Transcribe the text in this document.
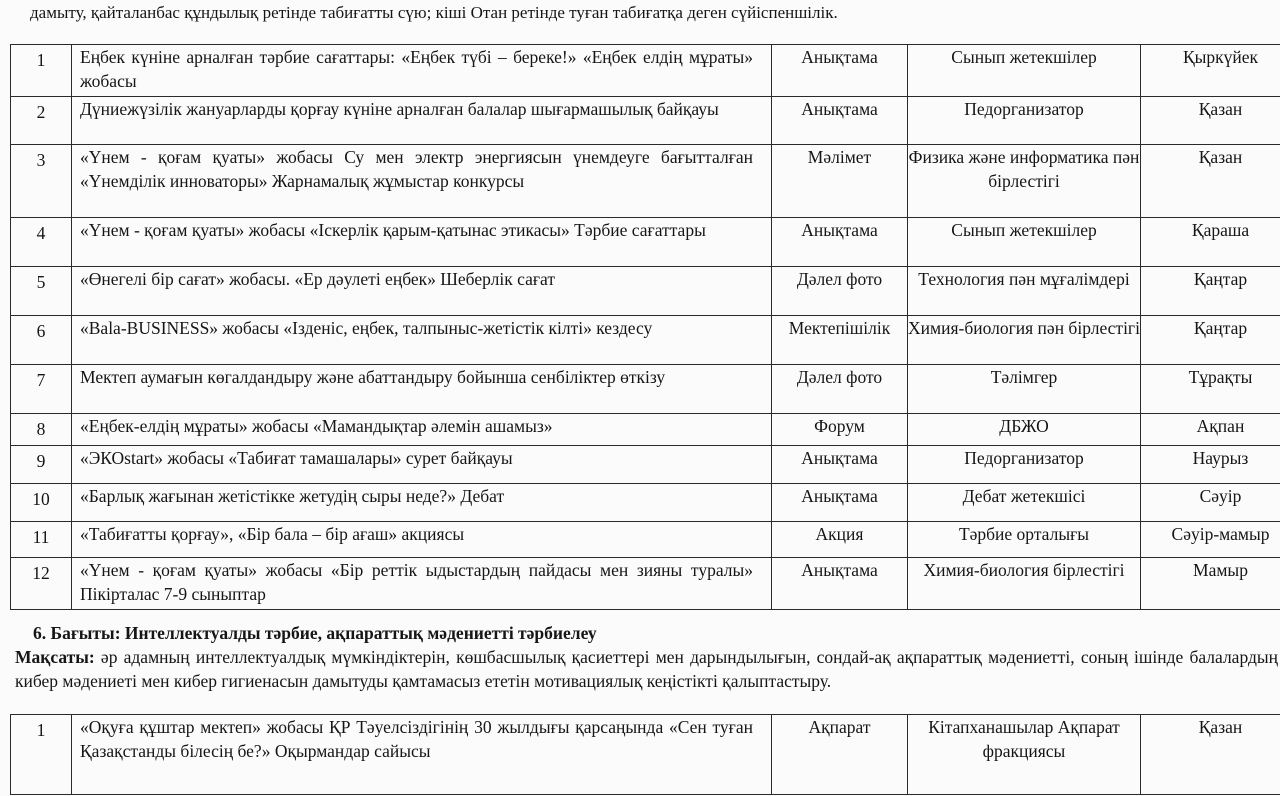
дамыту, қайталанбас құндылық ретінде табиғатты сүю; кіші Отан ретінде туған табиғатқа деген сүйіспеншілік.
1	Еңбек күніне арналған тәрбие сағаттары: «Еңбек түбі – береке!» «Еңбек елдің мұраты» жобасы	Анықтама	Сынып жетекшілер	Қыркүйек
2	Дүниежүзілік жануарларды қорғау күніне арналған балалар шығармашылық байқауы	Анықтама	Педорганизатор	Қазан
3	«Үнем - қоғам қуаты» жобасы Су мен электр энергиясын үнемдеуге бағытталған «Үнемділік инноваторы» Жарнамалық жұмыстар конкурсы	Мәлімет	Физика және информатика пән бірлестігі	Қазан
4	«Үнем - қоғам қуаты» жобасы «Іскерлік қарым-қатынас этикасы» Тәрбие сағаттары	Анықтама	Сынып жетекшілер	Қараша
5	«Өнегелі бір сағат» жобасы. «Ер дәулеті еңбек» Шеберлік сағат	Дәлел фото	Технология пән мұғалімдері	Қаңтар
6	«Bala-BUSINESS» жобасы «Ізденіс, еңбек, талпыныс-жетістік кілті» кездесу	Мектепішілік	Химия-биология пән бірлестігі	Қаңтар
7	Мектеп аумағын көгалдандыру және абаттандыру бойынша сенбіліктер өткізу	Дәлел фото	Тәлімгер	Тұрақты
8	«Еңбек-елдің мұраты» жобасы «Мамандықтар әлемін ашамыз»	Форум	ДБЖО	Ақпан
9	«ЭКОstart» жобасы «Табиғат тамашалары» сурет байқауы	Анықтама	Педорганизатор	Наурыз
10	«Барлық жағынан жетістікке жетудің сыры неде?» Дебат	Анықтама	Дебат жетекшісі	Сәуір
11	«Табиғатты қорғау», «Бір бала – бір ағаш» акциясы	Акция	Тәрбие орталығы	Сәуір-мамыр
12	«Үнем - қоғам қуаты» жобасы «Бір реттік ыдыстардың пайдасы мен зияны туралы» Пікірталас 7-9 сыныптар	Анықтама	Химия-биология бірлестігі	Мамыр
6. Бағыты: Интеллектуалды тәрбие, ақпараттық мәдениетті тәрбиелеу
Мақсаты: әр адамның интеллектуалдық мүмкіндіктерін, көшбасшылық қасиеттері мен дарындылығын, сондай-ақ ақпараттық мәдениетті, соның ішінде балалардың кибер мәдениеті мен кибер гигиенасын дамытуды қамтамасыз ететін мотивациялық кеңістікті қалыптастыру.
1	«Оқуға құштар мектеп» жобасы ҚР Тәуелсіздігінің 30 жылдығы қарсаңында «Сен туған Қазақстанды білесің бе?» Оқырмандар сайысы	Ақпарат	Кітапханашылар Ақпарат фракциясы	Қазан
